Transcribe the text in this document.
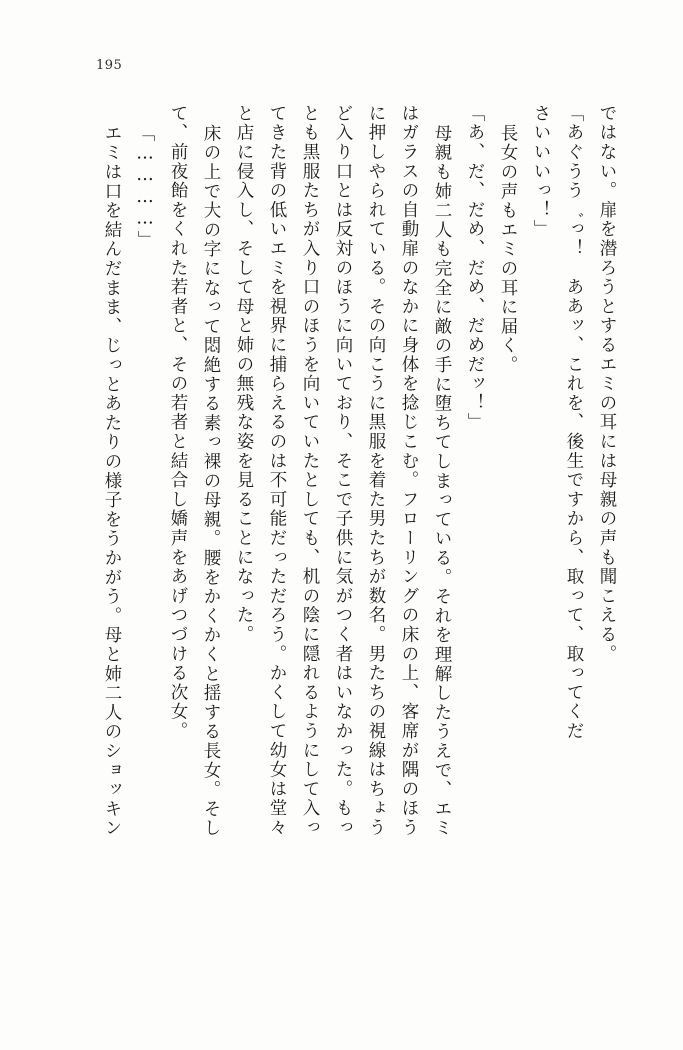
195
ではない。扉を潜ろうとするエミの耳には母親の声も聞こえる。
「あぐうう゛っ！　ああッ、これを、後生ですから、取って、取ってくだ
さいいいっ！」
長女の声もエミの耳に届く。
「あ、だ、だめ、だめ、だめだッ！」
母親も姉二人も完全に敵の手に堕ちてしまっている。それを理解したうえで、エミ
はガラスの自動扉のなかに身体を捻じこむ。フローリングの床の上、客席が隅のほう
に押しやられている。その向こうに黒服を着た男たちが数名。男たちの視線はちょう
ど入り口とは反対のほうに向いており、そこで子供に気がつく者はいなかった。もっ
とも黒服たちが入り口のほうを向いていたとしても、机の陰に隠れるようにして入っ
てきた背の低いエミを視界に捕らえるのは不可能だっただろう。かくして幼女は堂々
と店に侵入し、そして母と姉の無残な姿を見ることになった。
床の上で大の字になって悶絶する素っ裸の母親。腰をかくかくと揺する長女。そし
て、前夜飴をくれた若者と、その若者と結合し嬌声をあげつづける次女。
「…………」
エミは口を結んだまま、じっとあたりの様子をうかがう。母と姉二人のショッキン
